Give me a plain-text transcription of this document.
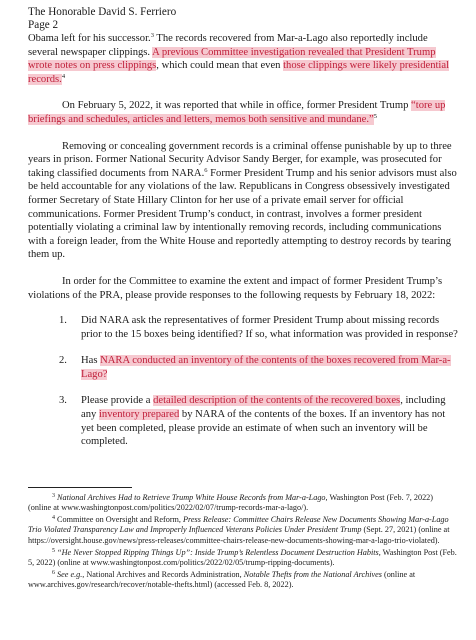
The Honorable David S. Ferriero
Page 2

Obama left for his successor.$^3$ The records recovered from Mar-a-Lago also reportedly include several newspaper clippings. A previous Committee investigation revealed that President Trump wrote notes on press clippings, which could mean that even those clippings were likely presidential records.$^4$

On February 5, 2022, it was reported that while in office, former President Trump “tore up briefings and schedules, articles and letters, memos both sensitive and mundane.”$^5$

Removing or concealing government records is a criminal offense punishable by up to three years in prison. Former National Security Advisor Sandy Berger, for example, was prosecuted for taking classified documents from NARA.$^6$ Former President Trump and his senior advisors must also be held accountable for any violations of the law. Republicans in Congress obsessively investigated former Secretary of State Hillary Clinton for her use of a private email server for official communications. Former President Trump’s conduct, in contrast, involves a former president potentially violating a criminal law by intentionally removing records, including communications with a foreign leader, from the White House and reportedly attempting to destroy records by tearing them up.

In order for the Committee to examine the extent and impact of former President Trump’s violations of the PRA, please provide responses to the following requests by February 18, 2022:

1. Did NARA ask the representatives of former President Trump about missing records prior to the 15 boxes being identified? If so, what information was provided in response?
2. Has NARA conducted an inventory of the contents of the boxes recovered from Mar-a-Lago?
3. Please provide a detailed description of the contents of the recovered boxes, including any inventory prepared by NARA of the contents of the boxes. If an inventory has not yet been completed, please provide an estimate of when such an inventory will be completed.

$^3$ National Archives Had to Retrieve Trump White House Records from Mar-a-Lago, Washington Post (Feb. 7, 2022) (online at www.washingtonpost.com/politics/2022/02/07/trump-records-mar-a-lago/).

$^4$ Committee on Oversight and Reform, Press Release: Committee Chairs Release New Documents Showing Mar-a-Lago Trio Violated Transparency Law and Improperly Influenced Veterans Policies Under President Trump (Sept. 27, 2021) (online at https://oversight.house.gov/news/press-releases/committee-chairs-release-new-documents-showing-mar-a-lago-trio-violated).

$^5$ “He Never Stopped Ripping Things Up”: Inside Trump’s Relentless Document Destruction Habits, Washington Post (Feb. 5, 2022) (online at www.washingtonpost.com/politics/2022/02/05/trump-ripping-documents).

$^6$ See e.g., National Archives and Records Administration, Notable Thefts from the National Archives (online at www.archives.gov/research/recover/notable-thefts.html) (accessed Feb. 8, 2022).
